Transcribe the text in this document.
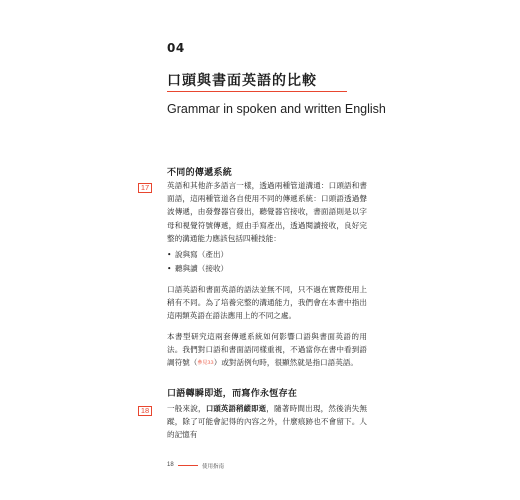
04
口頭與書面英語的比較
Grammar in spoken and written English
不同的傳遞系統
17	英語和其他許多語言一樣，透過兩種管道溝通：口頭語和書面語，這兩種管道各自使用不同的傳遞系統：口頭語透過聲波傳遞，由發聲器官發出，聽覺器官接收，書面語則是以字母和視覺符號傳遞，經由手寫產出，透過閱讀接收，良好完整的溝通能力應該包括四種技能：

• 說與寫（產出）
• 聽與讀（接收）

口語英語和書面英語的語法並無不同，只不過在實際使用上稍有不同。為了培養完整的溝通能力，我們會在本書中指出這兩類英語在語法應用上的不同之處。

本書型研究這兩套傳遞系統如何影響口語與書面英語的用法。我們對口語和書面語同樣重視，不過當你在書中看到語調符號（參見33）或對話例句時，很顯然就是指口語英語。

口語轉瞬即逝，而寫作永恆存在
18	一般來說，口頭英語稍縱即逝，隨著時間出現，然後消失無蹤，除了可能會記得的內容之外，什麼痕跡也不會留下。人的記憶有

18	使用指南
